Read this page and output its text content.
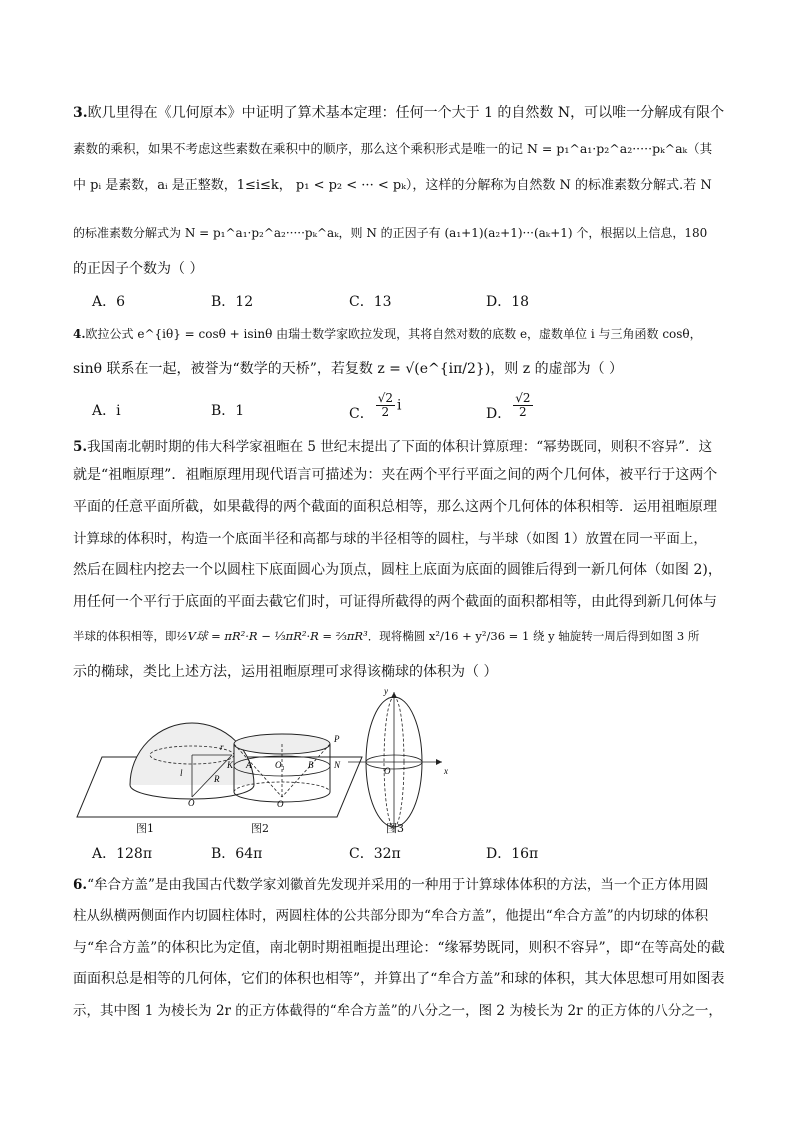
3.欧几里得在《几何原本》中证明了算术基本定理：任何一个大于 1 的自然数 N，可以唯一分解成有限个
素数的乘积，如果不考虑这些素数在乘积中的顺序，那么这个乘积形式是唯一的记 N = p₁^a₁·p₂^a₂·····pₖ^aₖ（其
中 pᵢ 是素数，aᵢ 是正整数，1≤i≤k， p₁ < p₂ < ··· < pₖ），这样的分解称为自然数 N 的标准素数分解式.若 N
的标准素数分解式为 N = p₁^a₁·p₂^a₂·····pₖ^aₖ，则 N 的正因子有 (a₁+1)(a₂+1)···(aₖ+1) 个，根据以上信息，180
的正因子个数为（ ）
A．6	B．12	C．13	D．18
4.欧拉公式 e^{iθ} = cosθ + isinθ 由瑞士数学家欧拉发现，其将自然对数的底数 e，虚数单位 i 与三角函数 cosθ，
sinθ 联系在一起，被誉为“数学的天桥”，若复数 z = √(e^{iπ/2})，则 z 的虚部为（ ）
A．i	B．1	C． $\frac{√2}{2}$ i	D． $\frac{√2}{2}$
5.我国南北朝时期的伟大科学家祖暅在 5 世纪末提出了下面的体积计算原理：“幂势既同，则积不容异”．这
就是“祖暅原理”．祖暅原理用现代语言可描述为：夹在两个平行平面之间的两个几何体，被平行于这两个
平面的任意平面所截，如果截得的两个截面的面积总相等，那么这两个几何体的体积相等．运用祖暅原理
计算球的体积时，构造一个底面半径和高都与球的半径相等的圆柱，与半球（如图 1）放置在同一平面上，
然后在圆柱内挖去一个以圆柱下底面圆心为顶点，圆柱上底面为底面的圆锥后得到一新几何体（如图 2)，
用任何一个平行于底面的平面去截它们时，可证得所截得的两个截面的面积都相等，由此得到新几何体与
半球的体积相等，即½V球 = πR²·R − ⅓πR²·R = ⅔πR³．现将椭圆 x²/16 + y²/36 = 1 绕 y 轴旋转一周后得到如图 3 所
示的椭球，类比上述方法，运用祖暅原理可求得该椭球的体积为（ ）
r
l
R
O
K A	O₁	B
P
N
O
y
O	x
图1	图2	图3
A．128π	B．64π	C．32π	D．16π
6.“牟合方盖”是由我国古代数学家刘徽首先发现并采用的一种用于计算球体体积的方法，当一个正方体用圆
柱从纵横两侧面作内切圆柱体时，两圆柱体的公共部分即为“牟合方盖”，他提出“牟合方盖”的内切球的体积
与“牟合方盖”的体积比为定值，南北朝时期祖暅提出理论：“缘幂势既同，则积不容异”，即“在等高处的截
面面积总是相等的几何体，它们的体积也相等”，并算出了“牟合方盖”和球的体积，其大体思想可用如图表
示，其中图 1 为棱长为 2r 的正方体截得的“牟合方盖”的八分之一，图 2 为棱长为 2r 的正方体的八分之一，
